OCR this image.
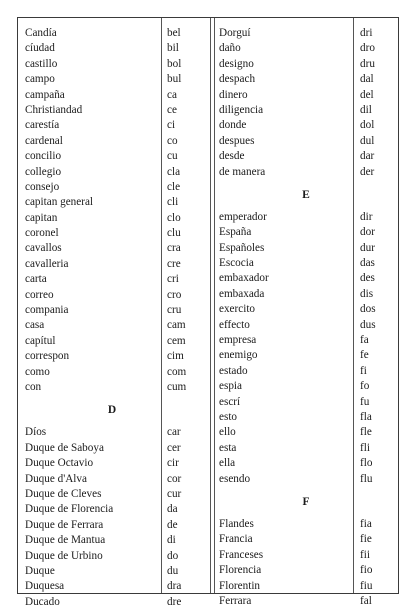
Candía
cíudad
castillo
campo
campaña
Christiandad
carestía
cardenal
concilio
collegio
consejo
capitan general
capitan
coronel
cavallos
cavalleria
carta
correo
compania
casa
capítul
correspon
como
con
D
Díos
Duque de Saboya
Duque Octavio
Duque d'Alva
Duque de Cleves
Duque de Florencia
Duque de Ferrara
Duque de Mantua
Duque de Urbino
Duque
Duquesa
Ducado
bel
bil
bol
bul
ca
ce
ci
co
cu
cla
cle
cli
clo
clu
cra
cre
cri
cro
cru
cam
cem
cim
com
cum
car
cer
cir
cor
cur
da
de
di
do
du
dra
dre
Dorguí
daño
designo
despach
dinero
diligencia
donde
despues
desde
de manera
E
emperador
España
Españoles
Escocia
embaxador
embaxada
exercito
effecto
empresa
enemigo
estado
espia
escrí
esto
ello
esta
ella
esendo
F
Flandes
Francia
Franceses
Florencia
Florentin
Ferrara
dri
dro
dru
dal
del
dil
dol
dul
dar
der
dir
dor
dur
das
des
dis
dos
dus
fa
fe
fi
fo
fu
fla
fle
fli
flo
flu
fia
fie
fii
fio
fiu
fal
